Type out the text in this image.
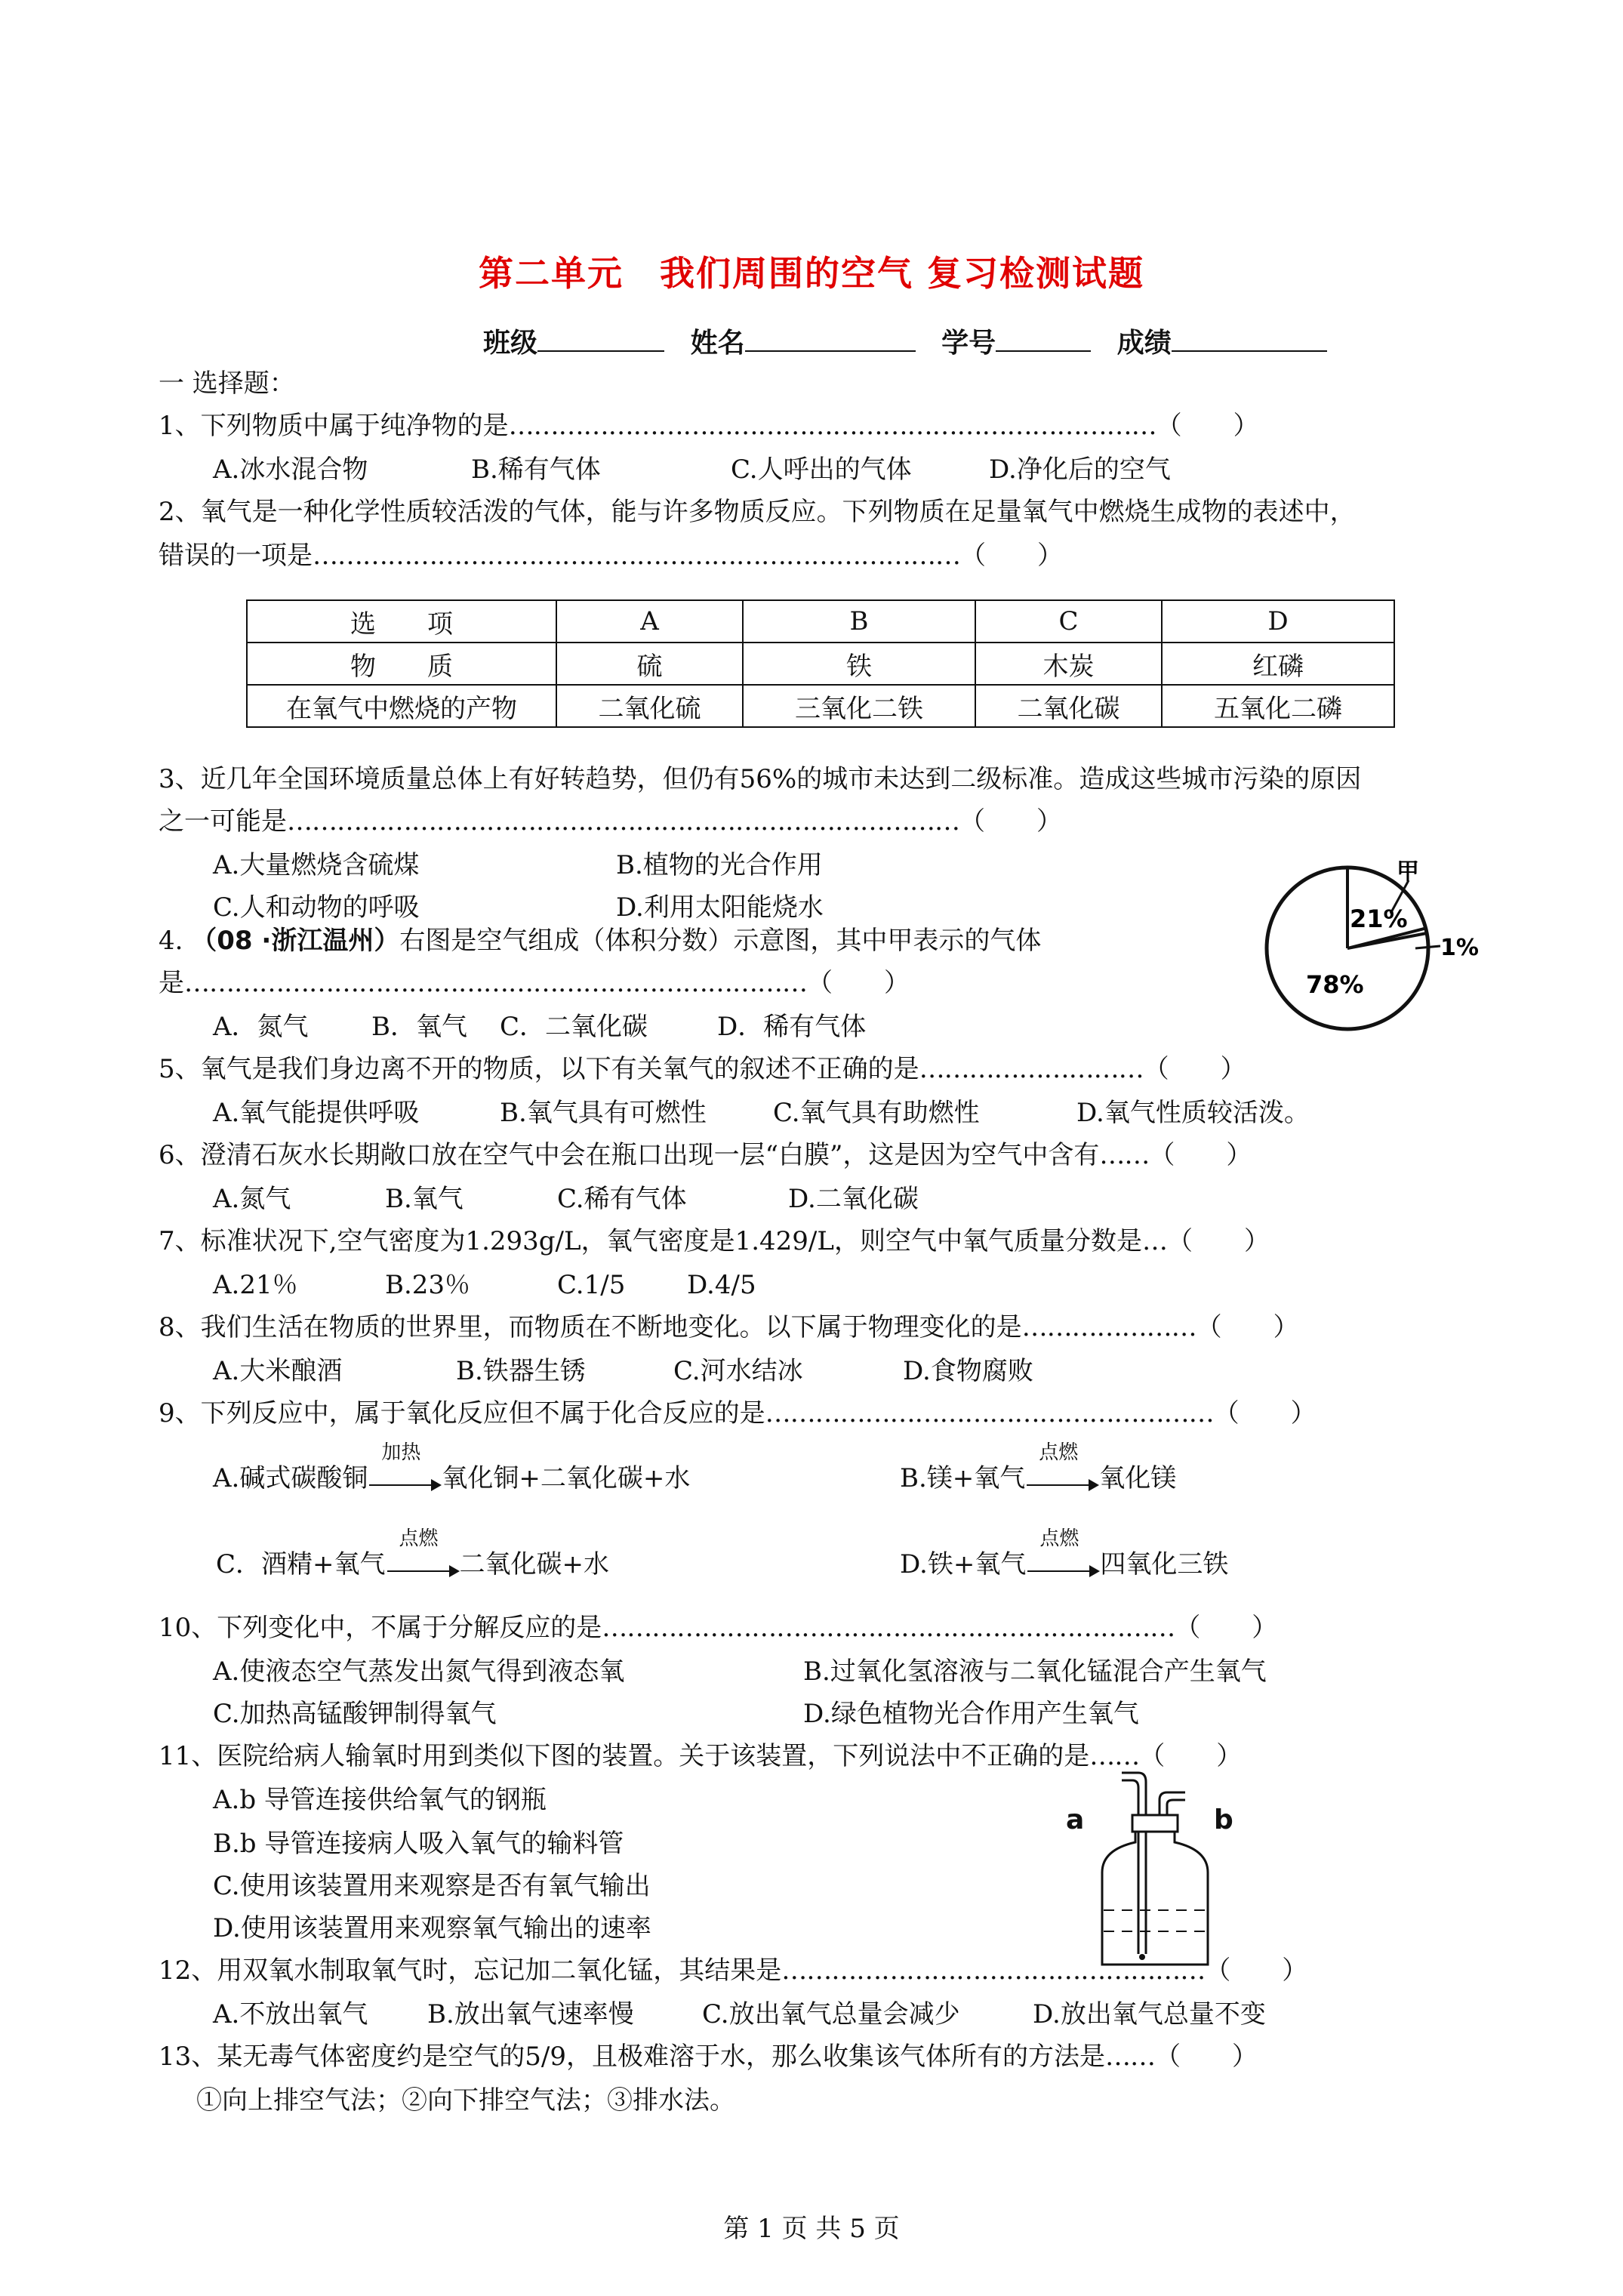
第二单元　我们周围的空气 复习检测试题
班级	姓名	学号	成绩
一 选择题：
1、下列物质中属于纯净物的是……………………………………………………………………（　　）
A.冰水混合物	B.稀有气体	C.人呼出的气体	D.净化后的空气
2、氧气是一种化学性质较活泼的气体，能与许多物质反应。下列物质在足量氧气中燃烧生成物的表述中，
错误的一项是……………………………………………………………………（　　）
选　　项	A	B	C	D
物　　质	硫	铁	木炭	红磷
在氧气中燃烧的产物	二氧化硫	三氧化二铁	二氧化碳	五氧化二磷
3、近几年全国环境质量总体上有好转趋势，但仍有56%的城市未达到二级标准。造成这些城市污染的原因
之一可能是………………………………………………………………………（　　）
A.大量燃烧含硫煤	B.植物的光合作用
C.人和动物的呼吸	D.利用太阳能烧水
4. （08 ·浙江温州）右图是空气组成（体积分数）示意图，其中甲表示的气体
是…………………………………………………………………（　　）
A．氮气 B．氧气 C．二氧化碳	D．稀有气体
甲
21%
1%
78%
5、氧气是我们身边离不开的物质，以下有关氧气的叙述不正确的是………………………（　　）
A.氧气能提供呼吸	B.氧气具有可燃性	C.氧气具有助燃性	D.氧气性质较活泼。
6、澄清石灰水长期敞口放在空气中会在瓶口出现一层“白膜”，这是因为空气中含有……（　　）
A.氮气	B.氧气	C.稀有气体	D.二氧化碳
7、标准状况下,空气密度为1.293g/L，氧气密度是1.429/L，则空气中氧气质量分数是…（　　）
A.21％	B.23％	C.1/5 D.4/5
8、我们生活在物质的世界里，而物质在不断地变化。以下属于物理变化的是…………………（　　）
A.大米酿酒	B.铁器生锈	C.河水结冰	D.食物腐败
9、下列反应中，属于氧化反应但不属于化合反应的是………………………………………………（　　）
A.碱式碳酸铜
加热
氧化铜+二氧化碳+水	B.镁+氧气
点燃
氧化镁
C．酒精+氧气
点燃
二氧化碳+水	D.铁+氧气
点燃
四氧化三铁
10、下列变化中，不属于分解反应的是……………………………………………………………（　　）
A.使液态空气蒸发出氮气得到液态氧	B.过氧化氢溶液与二氧化锰混合产生氧气
C.加热高锰酸钾制得氧气	D.绿色植物光合作用产生氧气
11、医院给病人输氧时用到类似下图的装置。关于该装置，下列说法中不正确的是……（　　）
A.b 导管连接供给氧气的钢瓶
B.b 导管连接病人吸入氧气的输料管
C.使用该装置用来观察是否有氧气输出
D.使用该装置用来观察氧气输出的速率
a	b
12、用双氧水制取氧气时，忘记加二氧化锰，其结果是……………………………………………（　　）
A.不放出氧气 B.放出氧气速率慢	C.放出氧气总量会减少	D.放出氧气总量不变
13、某无毒气体密度约是空气的5/9，且极难溶于水，那么收集该气体所有的方法是……（　　）
①向上排空气法；②向下排空气法；③排水法。
第 1 页 共 5 页
